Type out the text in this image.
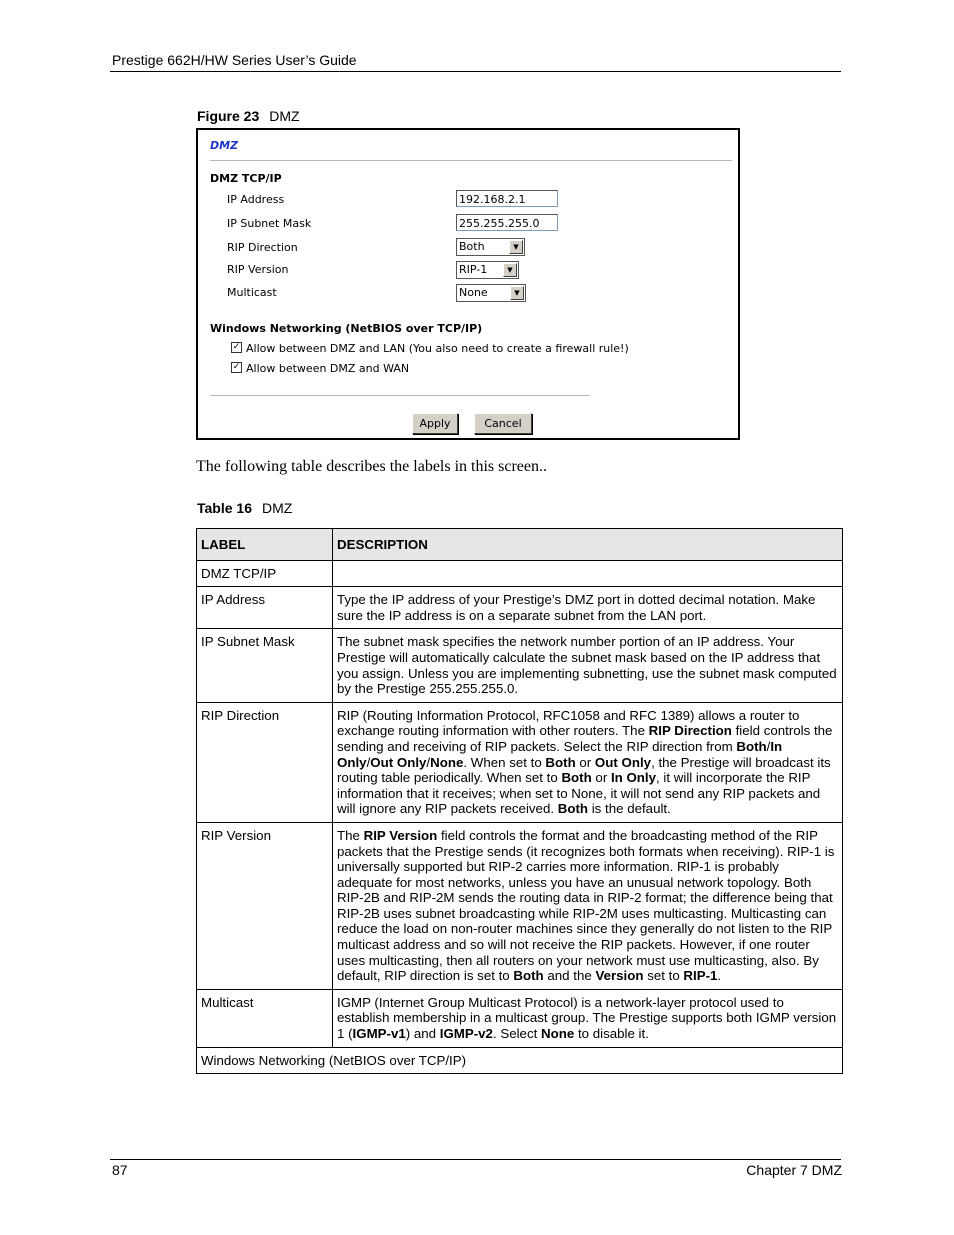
Prestige 662H/HW Series User’s Guide
Figure 23 DMZ
DMZ
DMZ TCP/IP
IP Address	192.168.2.1
IP Subnet Mask	255.255.255.0
RIP Direction	Both	▼
RIP Version	RIP-1	▼
Multicast	None	▼
Windows Networking (NetBIOS over TCP/IP)
✓ Allow between DMZ and LAN (You also need to create a firewall rule!)
✓ Allow between DMZ and WAN
Apply	Cancel
The following table describes the labels in this screen..
Table 16 DMZ
LABEL	DESCRIPTION
DMZ TCP/IP	
IP Address	Type the IP address of your Prestige’s DMZ port in dotted decimal notation. Make sure the IP address is on a separate subnet from the LAN port.
IP Subnet Mask	The subnet mask specifies the network number portion of an IP address. Your Prestige will automatically calculate the subnet mask based on the IP address that you assign. Unless you are implementing subnetting, use the subnet mask computed by the Prestige 255.255.255.0.
RIP Direction	RIP (Routing Information Protocol, RFC1058 and RFC 1389) allows a router to exchange routing information with other routers. The RIP Direction field controls the sending and receiving of RIP packets. Select the RIP direction from Both/In Only/Out Only/None. When set to Both or Out Only, the Prestige will broadcast its routing table periodically. When set to Both or In Only, it will incorporate the RIP information that it receives; when set to None, it will not send any RIP packets and will ignore any RIP packets received. Both is the default.
RIP Version	The RIP Version field controls the format and the broadcasting method of the RIP packets that the Prestige sends (it recognizes both formats when receiving). RIP-1 is universally supported but RIP-2 carries more information. RIP-1 is probably adequate for most networks, unless you have an unusual network topology. Both RIP-2B and RIP-2M sends the routing data in RIP-2 format; the difference being that RIP-2B uses subnet broadcasting while RIP-2M uses multicasting. Multicasting can reduce the load on non-router machines since they generally do not listen to the RIP multicast address and so will not receive the RIP packets. However, if one router uses multicasting, then all routers on your network must use multicasting, also. By default, RIP direction is set to Both and the Version set to RIP-1.
Multicast	IGMP (Internet Group Multicast Protocol) is a network-layer protocol used to establish membership in a multicast group. The Prestige supports both IGMP version 1 (IGMP-v1) and IGMP-v2. Select None to disable it.
Windows Networking (NetBIOS over TCP/IP)	
87	Chapter 7 DMZ
